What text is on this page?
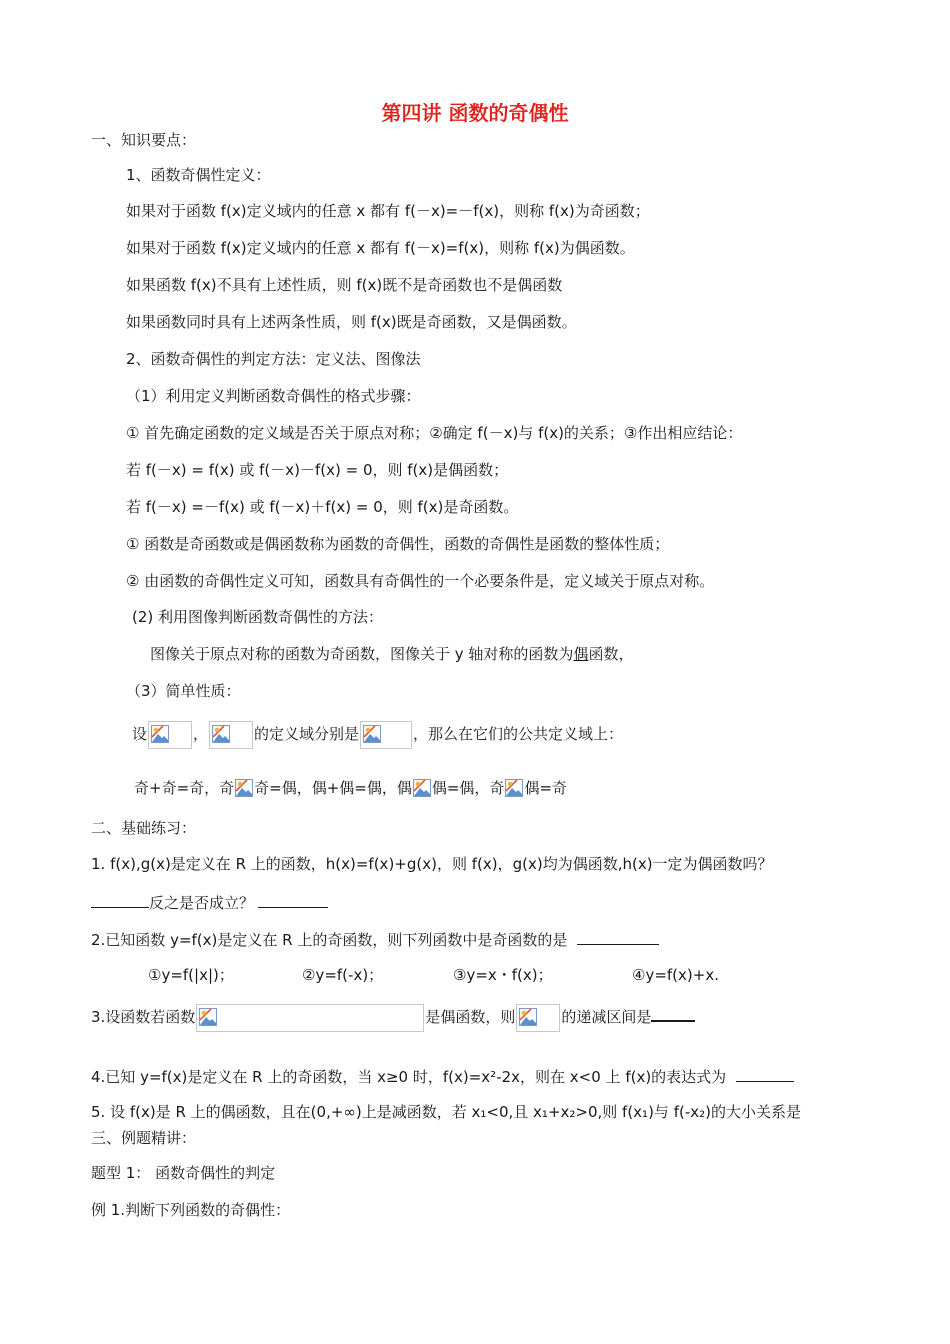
第四讲 函数的奇偶性
一、知识要点：
1、函数奇偶性定义：
如果对于函数 f(x)定义域内的任意 x 都有 f(－x)=－f(x)，则称 f(x)为奇函数；
如果对于函数 f(x)定义域内的任意 x 都有 f(－x)=f(x)，则称 f(x)为偶函数。
如果函数 f(x)不具有上述性质，则 f(x)既不是奇函数也不是偶函数
如果函数同时具有上述两条性质，则 f(x)既是奇函数，又是偶函数。
2、函数奇偶性的判定方法：定义法、图像法
（1）利用定义判断函数奇偶性的格式步骤：
① 首先确定函数的定义域是否关于原点对称；②确定 f(－x)与 f(x)的关系；③作出相应结论：
若 f(－x) = f(x) 或 f(－x)－f(x) = 0，则 f(x)是偶函数；
若 f(－x) =－f(x) 或 f(－x)＋f(x) = 0，则 f(x)是奇函数。
① 函数是奇函数或是偶函数称为函数的奇偶性，函数的奇偶性是函数的整体性质；
② 由函数的奇偶性定义可知，函数具有奇偶性的一个必要条件是，定义域关于原点对称。
(2) 利用图像判断函数奇偶性的方法：
图像关于原点对称的函数为奇函数，图像关于 y 轴对称的函数为偶函数，
（3）简单性质：
设	，	的定义域分别是	，那么在它们的公共定义域上：
奇+奇=奇，奇 奇=偶，偶+偶=偶，偶 偶=偶，奇 偶=奇
二、基础练习：
1. f(x),g(x)是定义在 R 上的函数，h(x)=f(x)+g(x)，则 f(x)，g(x)均为偶函数,h(x)一定为偶函数吗？
反之是否成立？
2.已知函数 y=f(x)是定义在 R 上的奇函数，则下列函数中是奇函数的是
①y=f(|x|)；	②y=f(-x)；	③y=x・f(x)；	④y=f(x)+x.
3.设函数若函数	是偶函数，则	的递减区间是
4.已知 y=f(x)是定义在 R 上的奇函数，当 x≥0 时，f(x)=x²-2x，则在 x<0 上 f(x)的表达式为
5. 设 f(x)是 R 上的偶函数，且在(0,+∞)上是减函数，若 x₁<0,且 x₁+x₂>0,则 f(x₁)与 f(-x₂)的大小关系是
三、例题精讲：
题型 1： 函数奇偶性的判定
例 1.判断下列函数的奇偶性：
